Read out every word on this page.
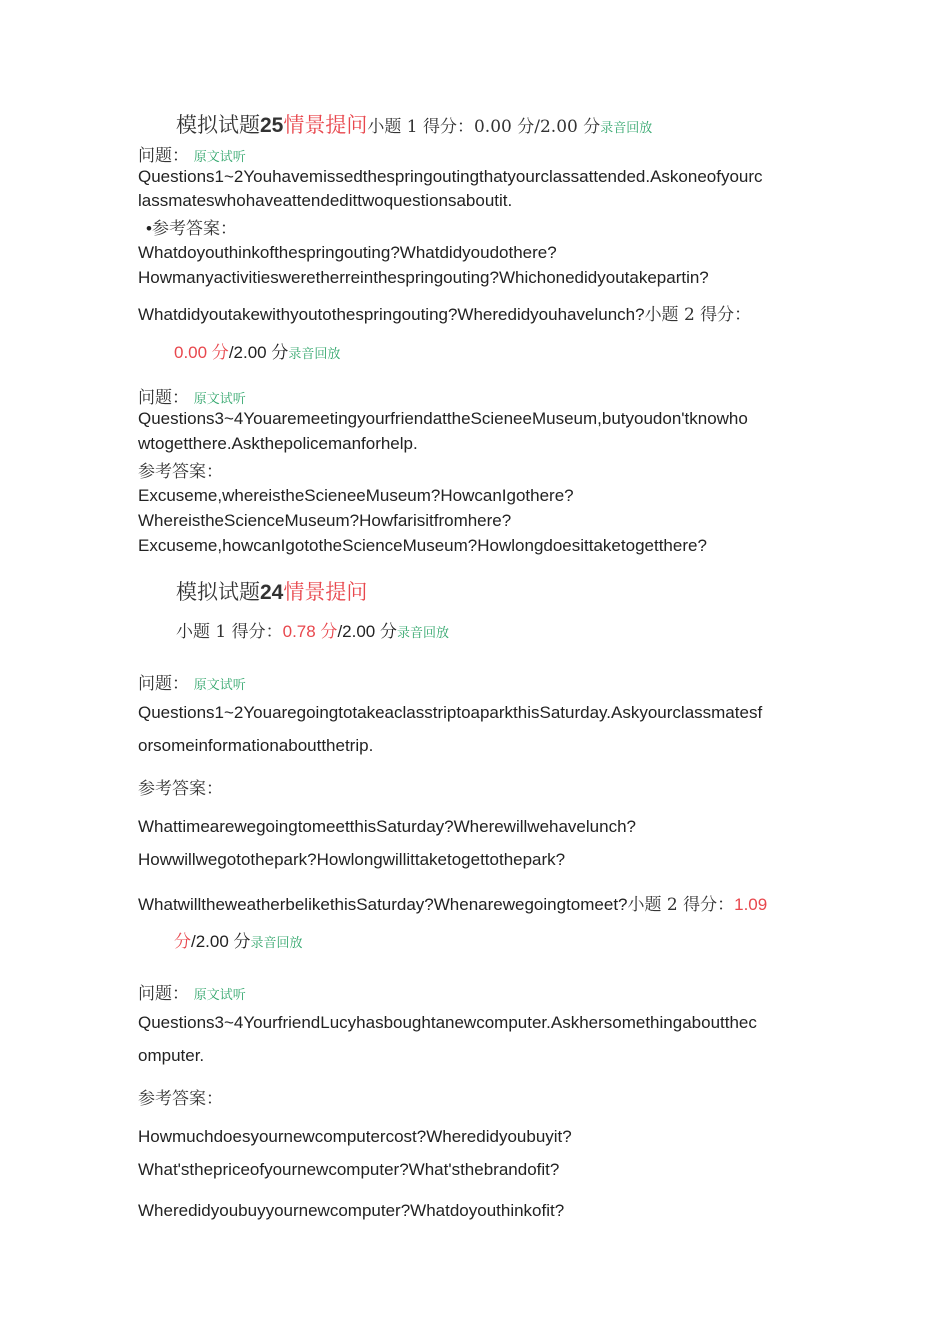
模拟试题25情景提问小题 1 得分：0.00 分/2.00 分录音回放
问题： 原文试听
Questions1~2Youhavemissedthespringoutingthatyourclassattended.Askoneofyourc
lassmateswhohaveattendedittwoquestionsaboutit.
•参考答案：
Whatdoyouthinkofthespringouting?Whatdidyoudothere?
Howmanyactivitiesweretherreinthespringouting?Whichonedidyoutakepartin?
Whatdidyoutakewithyoutothespringouting?Wheredidyouhavelunch?小题 2 得分：
0.00 分/2.00 分录音回放
问题： 原文试听
Questions3~4YouaremeetingyourfriendattheScieneeMuseum,butyoudon'tknowho
wtogetthere.Askthepolicemanforhelp.
参考答案：
Excuseme,whereistheScieneeMuseum?HowcanIgothere?
WhereistheScienceMuseum?Howfarisitfromhere?
Excuseme,howcanIgototheScienceMuseum?Howlongdoesittaketogetthere?
模拟试题24情景提问
小题 1 得分：0.78 分/2.00 分录音回放
问题： 原文试听
Questions1~2YouaregoingtotakeaclasstriptoaparkthisSaturday.Askyourclassmatesf
orsomeinformationaboutthetrip.
参考答案：
WhattimearewegoingtomeetthisSaturday?Wherewillwehavelunch?
Howwillwegotothepark?Howlongwillittaketogettothepark?
WhatwilltheweatherbelikethisSaturday?Whenarewegoingtomeet?小题 2 得分：1.09
分/2.00 分录音回放
问题： 原文试听
Questions3~4YourfriendLucyhasboughtanewcomputer.Askhersomethingaboutthec
omputer.
参考答案：
Howmuchdoesyournewcomputercost?Wheredidyoubuyit?
What'sthepriceofyournewcomputer?What'sthebrandofit?
Wheredidyoubuyyournewcomputer?Whatdoyouthinkofit?
